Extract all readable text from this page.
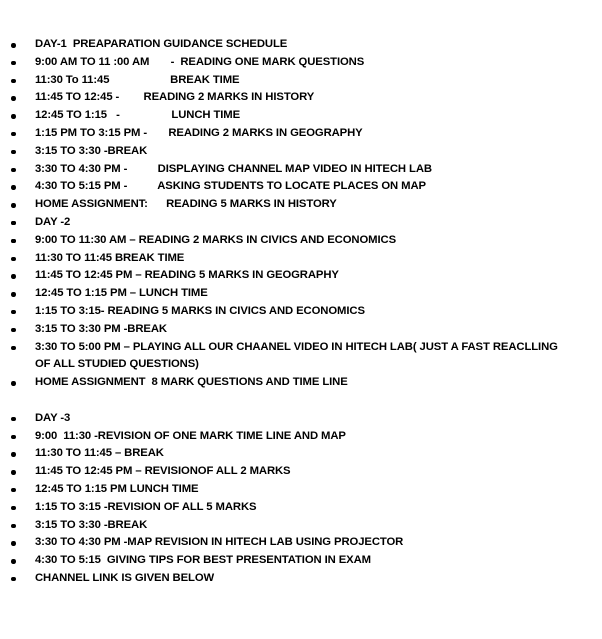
DAY-1  PREAPARATION GUIDANCE SCHEDULE
9:00 AM TO 11 :00 AM       -  READING ONE MARK QUESTIONS
11:30 To 11:45                    BREAK TIME
11:45 TO 12:45 -        READING 2 MARKS IN HISTORY
12:45 TO 1:15   -                 LUNCH TIME
1:15 PM TO 3:15 PM -       READING 2 MARKS IN GEOGRAPHY
3:15 TO 3:30 -BREAK
3:30 TO 4:30 PM -          DISPLAYING CHANNEL MAP VIDEO IN HITECH LAB
4:30 TO 5:15 PM -          ASKING STUDENTS TO LOCATE PLACES ON MAP
HOME ASSIGNMENT:      READING 5 MARKS IN HISTORY
DAY -2
9:00 TO 11:30 AM – READING 2 MARKS IN CIVICS AND ECONOMICS
11:30 TO 11:45 BREAK TIME
11:45 TO 12:45 PM – READING 5 MARKS IN GEOGRAPHY
12:45 TO 1:15 PM – LUNCH TIME
1:15 TO 3:15- READING 5 MARKS IN CIVICS AND ECONOMICS
3:15 TO 3:30 PM -BREAK
3:30 TO 5:00 PM – PLAYING ALL OUR CHAANEL VIDEO IN HITECH LAB( JUST A FAST REACLLING OF ALL STUDIED QUESTIONS)
HOME ASSIGNMENT  8 MARK QUESTIONS AND TIME LINE
DAY -3
9:00  11:30 -REVISION OF ONE MARK TIME LINE AND MAP
11:30 TO 11:45 – BREAK
11:45 TO 12:45 PM – REVISIONOF ALL 2 MARKS
12:45 TO 1:15 PM LUNCH TIME
1:15 TO 3:15 -REVISION OF ALL 5 MARKS
3:15 TO 3:30 -BREAK
3:30 TO 4:30 PM -MAP REVISION IN HITECH LAB USING PROJECTOR
4:30 TO 5:15  GIVING TIPS FOR BEST PRESENTATION IN EXAM
CHANNEL LINK IS GIVEN BELOW
